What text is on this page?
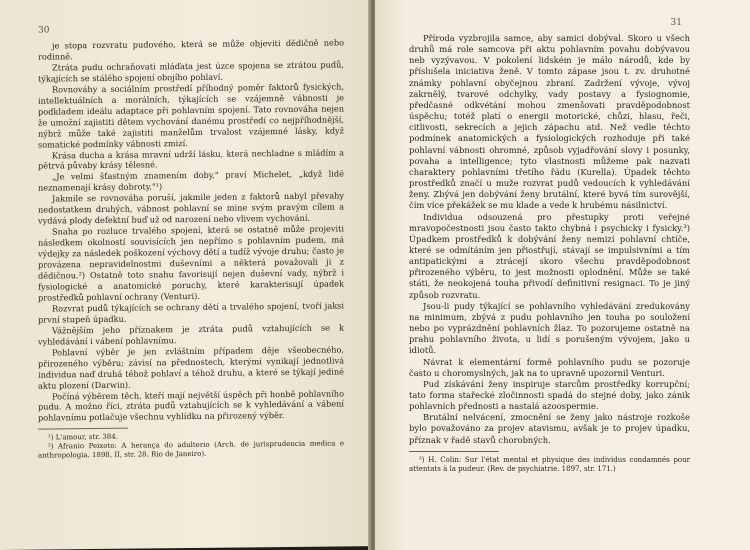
30

je stopa rozvratu pudového, která se může objeviti dědičně nebo rodinně.

Ztráta pudu ochraňovati mláďata jest úzce spojena se ztrátou pudů, týkajících se stálého spojení obojího pohlaví.

Rovnováhy a sociálním prostředí příhodný poměr faktorů fysických, intellektuálních a morálních, týkajících se vzájemně vábnosti je podkladem ideálu adaptace při pohlavním spojení. Tato rovnováha nejen že umožní zajistiti dětem vychování danému prostředí co nejpříhodnější, nýbrž může také zajistiti manželům trvalost vzájemné lásky, když somatické podmínky vábnosti zmizí.

Krása ducha a krása mravní udrží lásku, která nechladne s mládím a pětrvá půvaby krásy tělesné.

„Je velmi šťastným znamením doby," praví Michelet, „když lidé neznamenají krásy dobroty."¹)

Jakmile se rovnováha poruší, jakmile jeden z faktorů nabyl převahy nedostatkem druhých, vábnost pohlavní se mine svým pravým cílem a vydává plody defektní buď už od narození nebo vlivem vychování.

Snaha po rozluce trvalého spojení, která se ostatně může projeviti následkem okolností souvisících jen nepřímo s pohlavním pudem, má výdejky za následek poškození výchovy dětí a tudíž vývoje druhu; často je provázena nepravidelnostmi duševními a některá považovali ji z dědičnou.²) Ostatně toto snahu favorisují nejen duševní vady, nýbrž i fysiologické a anatomické poruchy, které karakterisují úpadek prostředků pohlavní ochrany (Venturi).

Rozvrat pudů týkajících se ochrany dětí a trvalého spojení, tvoří jaksi první stupeň úpadku.

Vážnějším jeho příznakem je ztráta pudů vztahujících se k vyhledávání i vábení pohlavnímu.

Pohlavní výběr je jen zvláštním případem děje všeobecného, přirozeného výběru; závisí na přednostech, kterými vynikají jednotlivá individua naď druhá téhož pohlaví a téhož druhu, a které se týkají jediné aktu plození (Darwin).

Počíná výběrem těch, kteří mají největší úspěch při honbě pohlavního pudu. A možno říci, ztráta pudů vztahujících se k vyhledávání a vábení pohlavnímu potlačuje všechnu vyhlídku na přirozený výběr.

¹) L'amour, str. 384.

²) Afranio Peixoto: A herança do adulterio (Arch. de jurisprudencia medica e anthropologia. 1898, II, str. 28. Rio de Janeiro).

31

Příroda vyzbrojila samce, aby samici dobýval. Skoro u všech druhů má role samcova při aktu pohlavním povahu dobývavou neb vyzývavou. V pokolení lidském je málo národů, kde by příslušela iniciativa ženě. V tomto zápase jsou t. zv. druhotné známky pohlavní obyčejnou zbraní. Zadržení vývoje, vývoj zakrnělý, tvarové odchylky, vady postavy a fysiognomie, předčasné odkvétání mohou zmenšovati pravděpodobnost úspěchu; totéž platí o energii motorické, chůzi, hlasu, řeči, citlivosti, sekrecích a jejich zápachu atd. Než vedle těchto podmínek anatomických a fysiologických rozhoduje při také pohlavní vábnosti ohromné, způsob vyjadřování slovy i posunky, povaha a intelligence; tyto vlastnosti můžeme pak nazvati charaktery pohlavními třetího řádu (Kurella). Úpadek těchto prostředků značí u muže rozvrat pudů vedoucích k vyhledávání ženy. Zbývá jen dobývání ženy brutální, které byvá tím surovější, čím více překážek se mu klade a vede k hrubému násilnictví.

Individua odsouzená pro přestupky proti veřejné mravopočestnosti jsou často takto chybná i psychicky i fysicky.³) Úpadkem prostředků k dobývání ženy nemizí pohlavní chtíče, které se odmítáním jen přiostřují, stávají se impulsivními a tím antipatickými a ztrácejí skoro všechu pravděpodobnost přirozeného výběru, to jest možnosti oplodnění. Může se také státi, že neokojená touha přivodí definitivní resignaci. To je jiný způsob rozvratu.

Jsou-li pudy týkající se pohlavního vyhledávání zredukovány na minimum, zbývá z pudu pohlavního jen touha po souložení nebo po vyprázdnění pohlavních žlaz. To pozorujeme ostatně na prahu pohlavního života, u lidí s porušeným vývojem, jako u idiotů.

Návrat k elementární formě pohlavního pudu se pozoruje často u choromyslných, jak na to upravně upozornil Venturi.

Pud získávání ženy inspiruje starcům prostředky korrupční; tato forma stařecké zločinnosti spadá do stejné doby, jako zánik pohlavních přednosti a nastalá azoospermie.

Brutální nelvácení, zmocnění se ženy jako nástroje rozkoše bylo považováno za projev atavismu, avšak je to projev úpadku, příznak v řadě stavů chorobných.

³) H. Colin: Sur l'état mental et physique des individus condamnés pour attentats à la pudeur. (Rev. de psychiatrie. 1897, str. 171.)
